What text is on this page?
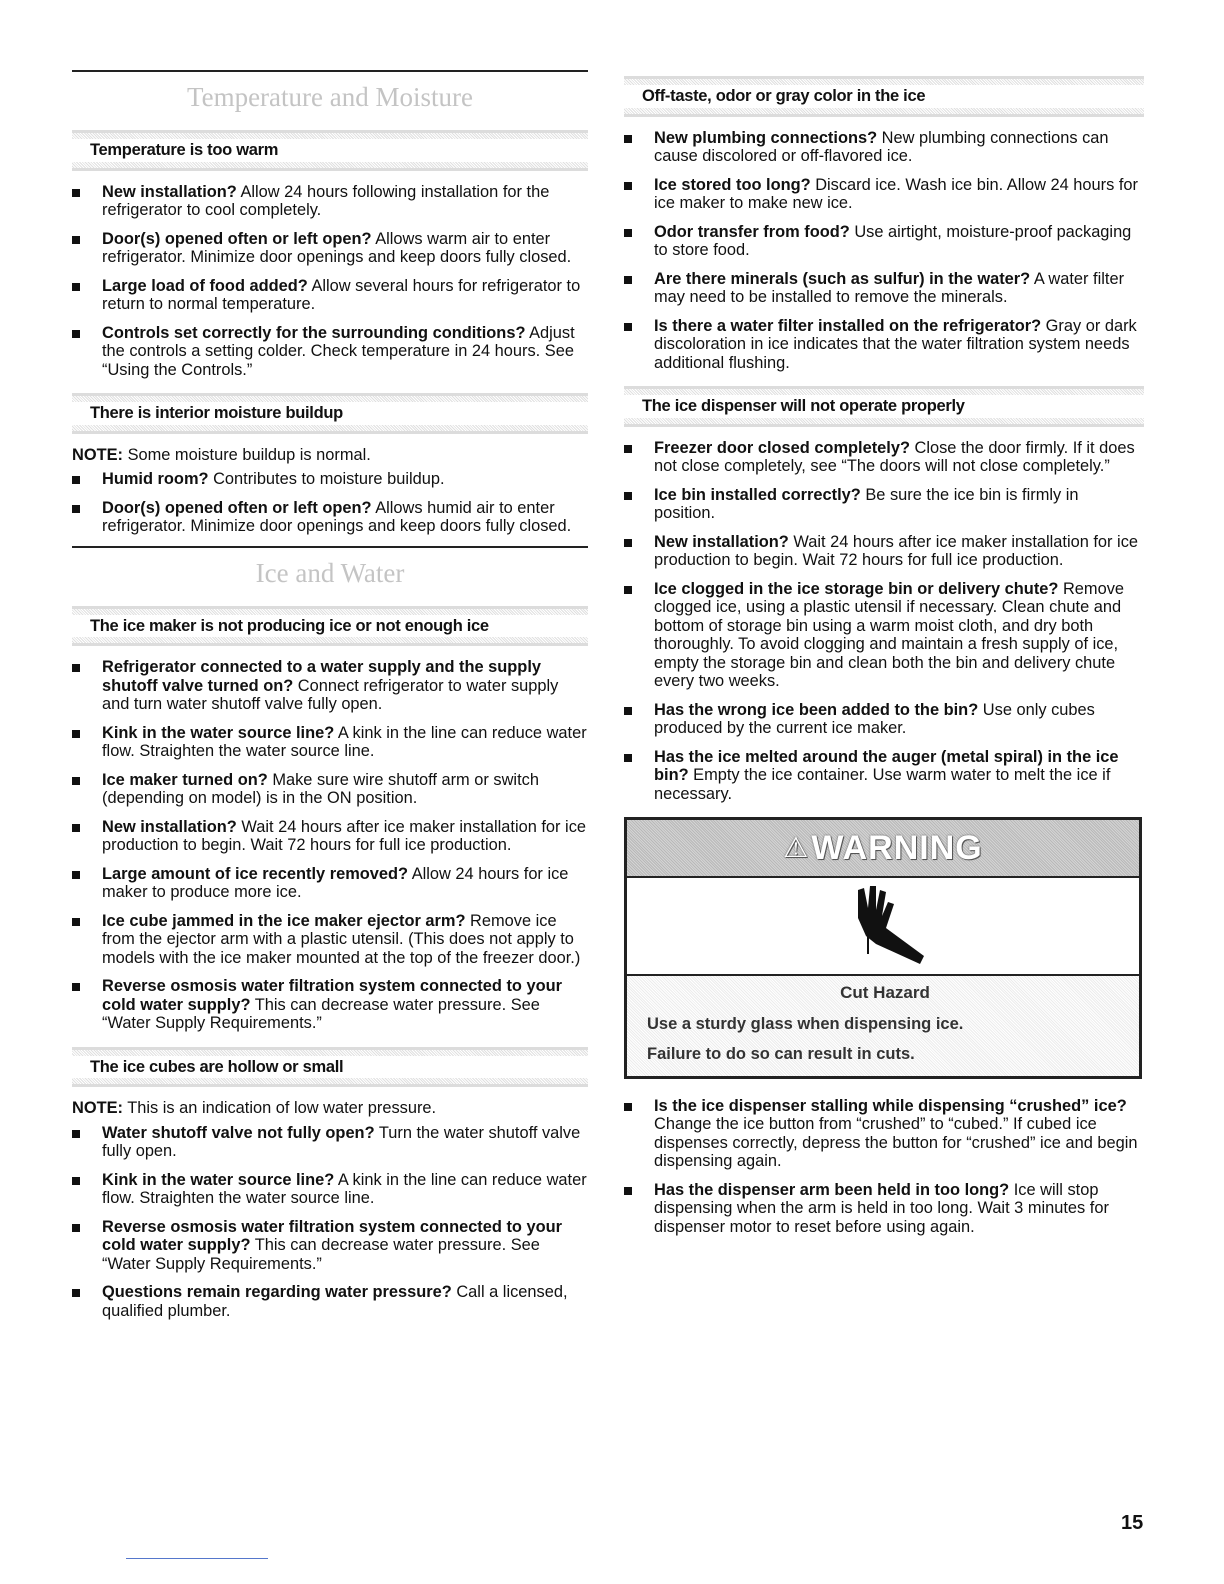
Temperature and Moisture
Temperature is too warm
New installation? Allow 24 hours following installation for the refrigerator to cool completely.
Door(s) opened often or left open? Allows warm air to enter refrigerator. Minimize door openings and keep doors fully closed.
Large load of food added? Allow several hours for refrigerator to return to normal temperature.
Controls set correctly for the surrounding conditions? Adjust the controls a setting colder. Check temperature in 24 hours. See “Using the Controls.”
There is interior moisture buildup

NOTE: Some moisture buildup is normal.

Humid room? Contributes to moisture buildup.
Door(s) opened often or left open? Allows humid air to enter refrigerator. Minimize door openings and keep doors fully closed.
Ice and Water
The ice maker is not producing ice or not enough ice
Refrigerator connected to a water supply and the supply shutoff valve turned on? Connect refrigerator to water supply and turn water shutoff valve fully open.
Kink in the water source line? A kink in the line can reduce water flow. Straighten the water source line.
Ice maker turned on? Make sure wire shutoff arm or switch (depending on model) is in the ON position.
New installation? Wait 24 hours after ice maker installation for ice production to begin. Wait 72 hours for full ice production.
Large amount of ice recently removed? Allow 24 hours for ice maker to produce more ice.
Ice cube jammed in the ice maker ejector arm? Remove ice from the ejector arm with a plastic utensil. (This does not apply to models with the ice maker mounted at the top of the freezer door.)
Reverse osmosis water filtration system connected to your cold water supply? This can decrease water pressure. See “Water Supply Requirements.”
The ice cubes are hollow or small

NOTE: This is an indication of low water pressure.

Water shutoff valve not fully open? Turn the water shutoff valve fully open.
Kink in the water source line? A kink in the line can reduce water flow. Straighten the water source line.
Reverse osmosis water filtration system connected to your cold water supply? This can decrease water pressure. See “Water Supply Requirements.”
Questions remain regarding water pressure? Call a licensed, qualified plumber.
Off-taste, odor or gray color in the ice
New plumbing connections? New plumbing connections can cause discolored or off-flavored ice.
Ice stored too long? Discard ice. Wash ice bin. Allow 24 hours for ice maker to make new ice.
Odor transfer from food? Use airtight, moisture-proof packaging to store food.
Are there minerals (such as sulfur) in the water? A water filter may need to be installed to remove the minerals.
Is there a water filter installed on the refrigerator? Gray or dark discoloration in ice indicates that the water filtration system needs additional flushing.
The ice dispenser will not operate properly
Freezer door closed completely? Close the door firmly. If it does not close completely, see “The doors will not close completely.”
Ice bin installed correctly? Be sure the ice bin is firmly in position.
New installation? Wait 24 hours after ice maker installation for ice production to begin. Wait 72 hours for full ice production.
Ice clogged in the ice storage bin or delivery chute? Remove clogged ice, using a plastic utensil if necessary. Clean chute and bottom of storage bin using a warm moist cloth, and dry both thoroughly. To avoid clogging and maintain a fresh supply of ice, empty the storage bin and clean both the bin and delivery chute every two weeks.
Has the wrong ice been added to the bin? Use only cubes produced by the current ice maker.
Has the ice melted around the auger (metal spiral) in the ice bin? Empty the ice container. Use warm water to melt the ice if necessary.
⚠ WARNING
Cut Hazard

Use a sturdy glass when dispensing ice.

Failure to do so can result in cuts.

Is the ice dispenser stalling while dispensing “crushed” ice? Change the ice button from “crushed” to “cubed.” If cubed ice dispenses correctly, depress the button for “crushed” ice and begin dispensing again.
Has the dispenser arm been held in too long? Ice will stop dispensing when the arm is held in too long. Wait 3 minutes for dispenser motor to reset before using again.
15
